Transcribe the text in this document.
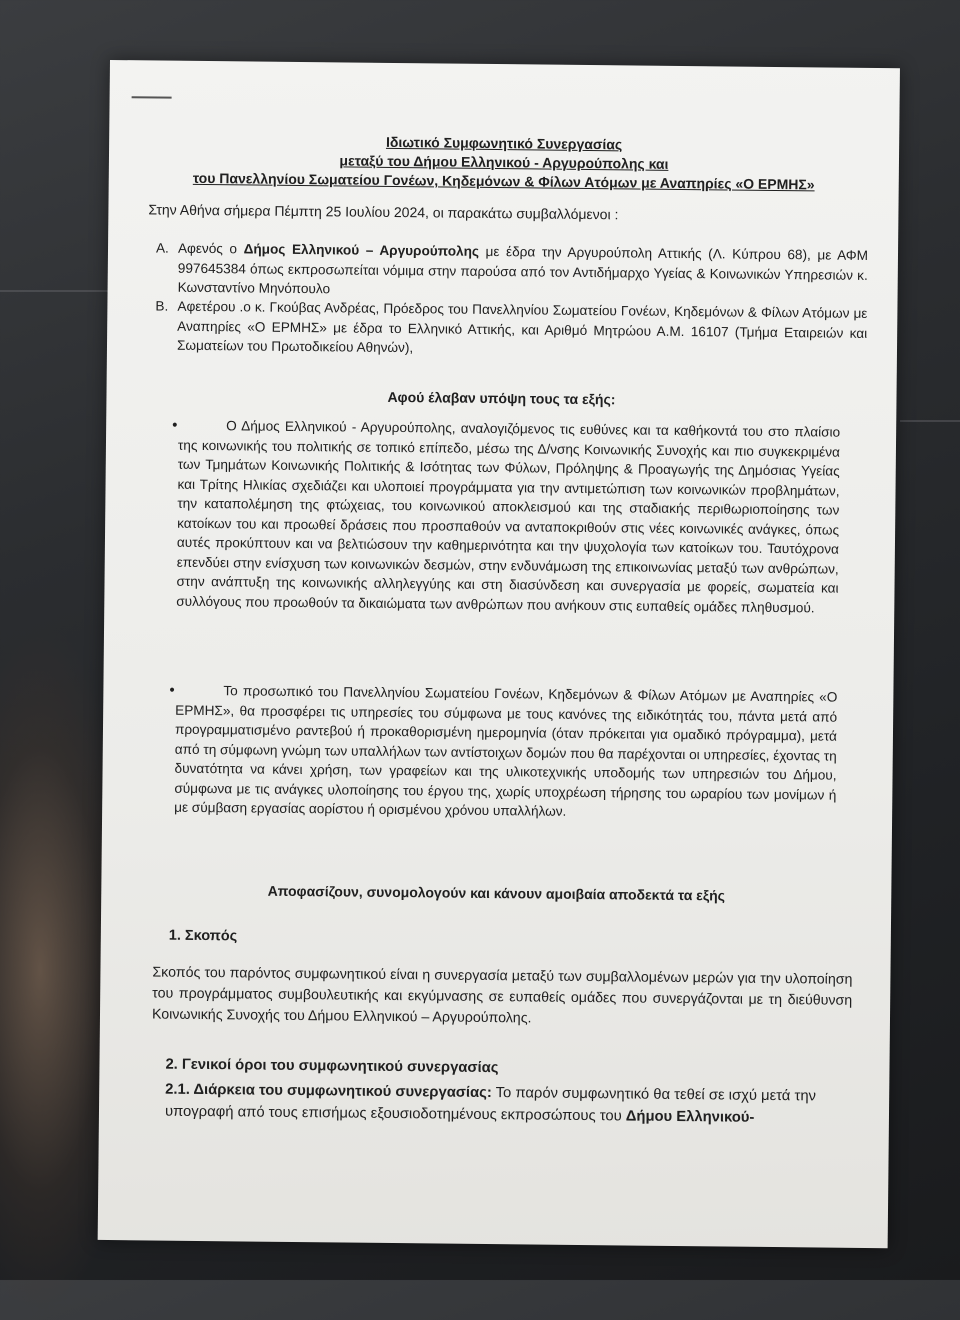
Ιδιωτικό Συμφωνητικό Συνεργασίας
μεταξύ του Δήμου Ελληνικού - Αργυρούπολης και
του Πανελληνίου Σωματείου Γονέων, Κηδεμόνων & Φίλων Ατόμων με Αναπηρίες «Ο ΕΡΜΗΣ»
Στην Αθήνα σήμερα Πέμπτη 25 Ιουλίου 2024, οι παρακάτω συμβαλλόμενοι :
Α. Αφενός ο Δήμος Ελληνικού – Αργυρούπολης με έδρα την Αργυρούπολη Αττικής (Λ. Κύπρου 68), με ΑΦΜ 997645384 όπως εκπροσωπείται νόμιμα στην παρούσα από τον Αντιδήμαρχο Υγείας & Κοινωνικών Υπηρεσιών κ. Κωνσταντίνο Μηνόπουλο
Β. Αφετέρου .ο κ. Γκούβας Ανδρέας, Πρόεδρος του Πανελληνίου Σωματείου Γονέων, Κηδεμόνων & Φίλων Ατόμων με Αναπηρίες «Ο ΕΡΜΗΣ» με έδρα το Ελληνικό Αττικής, και Αριθμό Μητρώου Α.Μ. 16107 (Τμήμα Εταιρειών και Σωματείων του Πρωτοδικείου Αθηνών),
Αφού έλαβαν υπόψη τους τα εξής:
•	Ο Δήμος Ελληνικού - Αργυρούπολης, αναλογιζόμενος τις ευθύνες και τα καθήκοντά του στο πλαίσιο της κοινωνικής του πολιτικής σε τοπικό επίπεδο, μέσω της Δ/νσης Κοινωνικής Συνοχής και πιο συγκεκριμένα των Τμημάτων Κοινωνικής Πολιτικής & Ισότητας των Φύλων, Πρόληψης & Προαγωγής της Δημόσιας Υγείας και Τρίτης Ηλικίας σχεδιάζει και υλοποιεί προγράμματα για την αντιμετώπιση των κοινωνικών προβλημάτων, την καταπολέμηση της φτώχειας, του κοινωνικού αποκλεισμού και της σταδιακής περιθωριοποίησης των κατοίκων του και προωθεί δράσεις που προσπαθούν να ανταποκριθούν στις νέες κοινωνικές ανάγκες, όπως αυτές προκύπτουν και να βελτιώσουν την καθημερινότητα και την ψυχολογία των κατοίκων του. Ταυτόχρονα επενδύει στην ενίσχυση των κοινωνικών δεσμών, στην ενδυνάμωση της επικοινωνίας μεταξύ των ανθρώπων, στην ανάπτυξη της κοινωνικής αλληλεγγύης και στη διασύνδεση και συνεργασία με φορείς, σωματεία και συλλόγους που προωθούν τα δικαιώματα των ανθρώπων που ανήκουν στις ευπαθείς ομάδες πληθυσμού.
•	Το προσωπικό του Πανελληνίου Σωματείου Γονέων, Κηδεμόνων & Φίλων Ατόμων με Αναπηρίες «Ο ΕΡΜΗΣ», θα προσφέρει τις υπηρεσίες του σύμφωνα με τους κανόνες της ειδικότητάς του, πάντα μετά από προγραμματισμένο ραντεβού ή προκαθορισμένη ημερομηνία (όταν πρόκειται για ομαδικό πρόγραμμα), μετά από τη σύμφωνη γνώμη των υπαλλήλων των αντίστοιχων δομών που θα παρέχονται οι υπηρεσίες, έχοντας τη δυνατότητα να κάνει χρήση, των γραφείων και της υλικοτεχνικής υποδομής των υπηρεσιών του Δήμου, σύμφωνα με τις ανάγκες υλοποίησης του έργου της, χωρίς υποχρέωση τήρησης του ωραρίου των μονίμων ή με σύμβαση εργασίας αορίστου ή ορισμένου χρόνου υπαλλήλων.
Αποφασίζουν, συνομολογούν και κάνουν αμοιβαία αποδεκτά τα εξής
1. Σκοπός
Σκοπός του παρόντος συμφωνητικού είναι η συνεργασία μεταξύ των συμβαλλομένων μερών για την υλοποίηση του προγράμματος συμβουλευτικής και εκγύμνασης σε ευπαθείς ομάδες που συνεργάζονται με τη διεύθυνση Κοινωνικής Συνοχής του Δήμου Ελληνικού – Αργυρούπολης.
2. Γενικοί όροι του συμφωνητικού συνεργασίας
2.1. Διάρκεια του συμφωνητικού συνεργασίας: Το παρόν συμφωνητικό θα τεθεί σε ισχύ μετά την υπογραφή από τους επισήμως εξουσιοδοτημένους εκπροσώπους του Δήμου Ελληνικού-
